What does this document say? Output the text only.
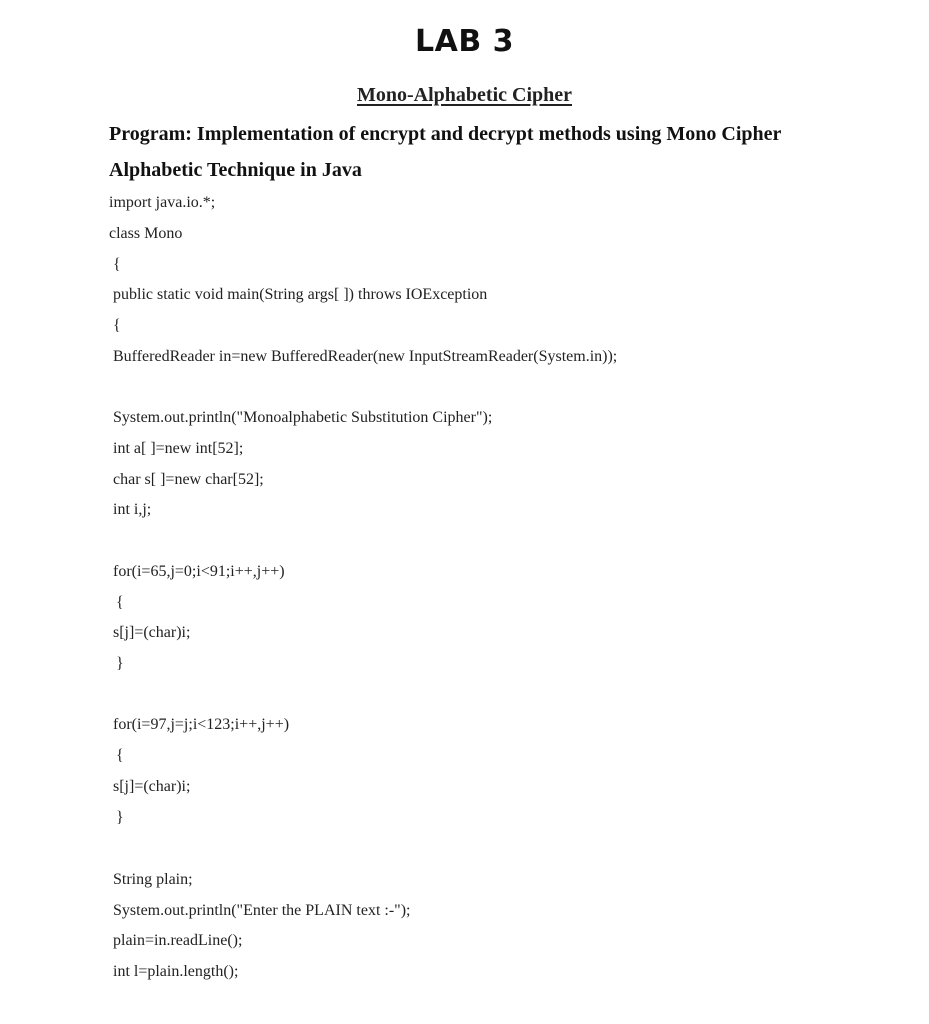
LAB 3
Mono-Alphabetic Cipher
Program: Implementation of encrypt and decrypt methods using Mono Cipher Alphabetic Technique in Java
import java.io.*;
class Mono
{
public static void main(String args[ ]) throws IOException
{
BufferedReader in=new BufferedReader(new InputStreamReader(System.in));
System.out.println("Monoalphabetic Substitution Cipher");
int a[ ]=new int[52];
char s[ ]=new char[52];
int i,j;
for(i=65,j=0;i<91;i++,j++)
{
s[j]=(char)i;
}
for(i=97,j=j;i<123;i++,j++)
{
s[j]=(char)i;
}
String plain;
System.out.println("Enter the PLAIN text :-");
plain=in.readLine();
int l=plain.length();
